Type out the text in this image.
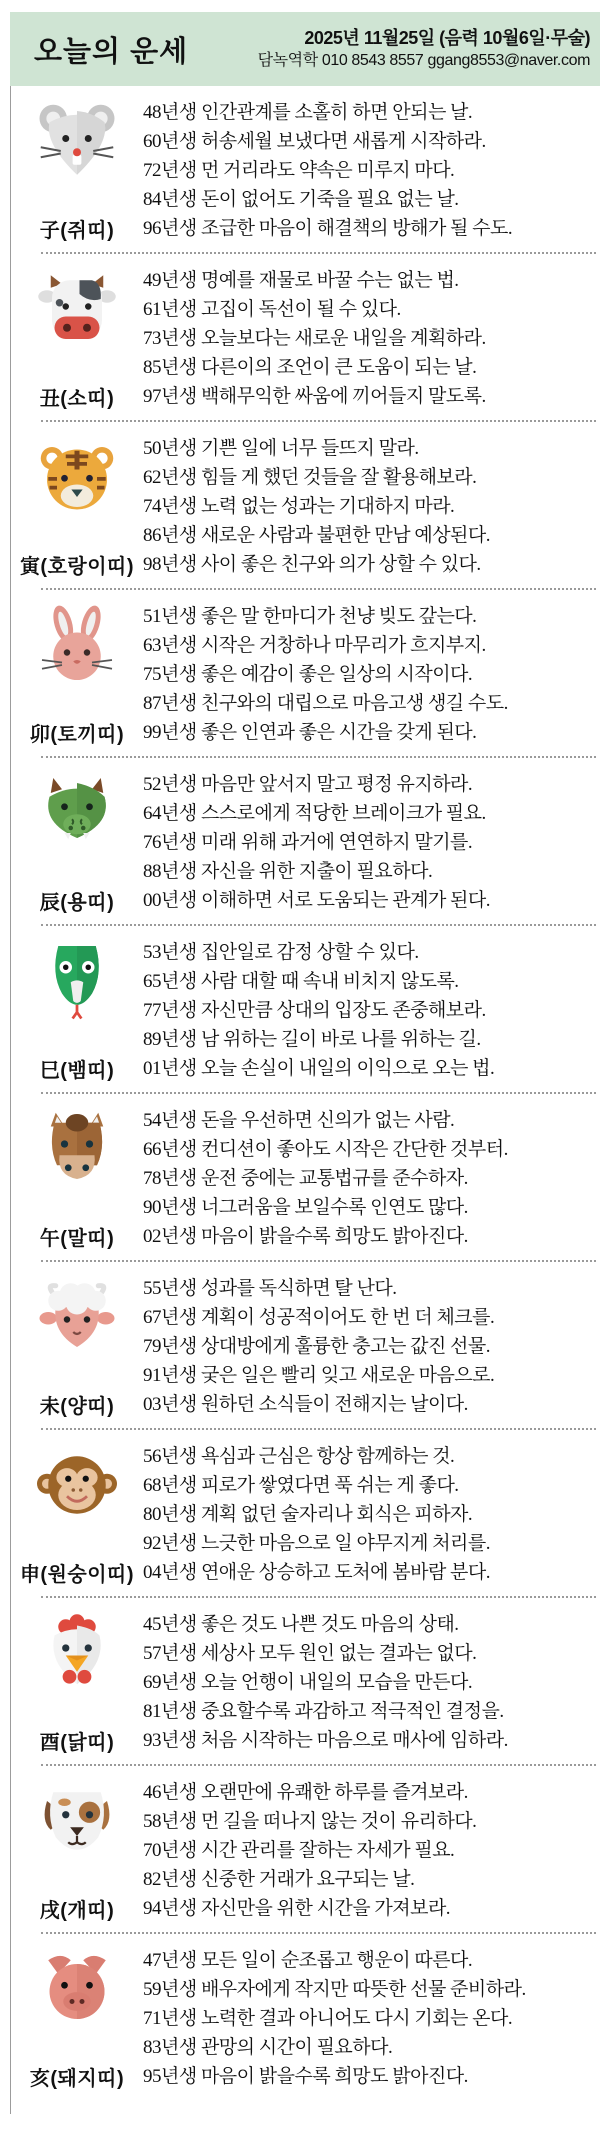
오늘의 운세	2025년 11월25일 (음력 10월6일·무술)
담녹역학 010 8543 8557 ggang8553@naver.com
子(쥐띠)

48년생 인간관계를 소홀히 하면 안되는 날.

60년생 허송세월 보냈다면 새롭게 시작하라.

72년생 먼 거리라도 약속은 미루지 마다.

84년생 돈이 없어도 기죽을 필요 없는 날.

96년생 조급한 마음이 해결책의 방해가 될 수도.

丑(소띠)

49년생 명예를 재물로 바꿀 수는 없는 법.

61년생 고집이 독선이 될 수 있다.

73년생 오늘보다는 새로운 내일을 계획하라.

85년생 다른이의 조언이 큰 도움이 되는 날.

97년생 백해무익한 싸움에 끼어들지 말도록.

寅(호랑이띠)

50년생 기쁜 일에 너무 들뜨지 말라.

62년생 힘들 게 했던 것들을 잘 활용해보라.

74년생 노력 없는 성과는 기대하지 마라.

86년생 새로운 사람과 불편한 만남 예상된다.

98년생 사이 좋은 친구와 의가 상할 수 있다.

卯(토끼띠)

51년생 좋은 말 한마디가 천냥 빚도 갚는다.

63년생 시작은 거창하나 마무리가 흐지부지.

75년생 좋은 예감이 좋은 일상의 시작이다.

87년생 친구와의 대립으로 마음고생 생길 수도.

99년생 좋은 인연과 좋은 시간을 갖게 된다.

辰(용띠)

52년생 마음만 앞서지 말고 평정 유지하라.

64년생 스스로에게 적당한 브레이크가 필요.

76년생 미래 위해 과거에 연연하지 말기를.

88년생 자신을 위한 지출이 필요하다.

00년생 이해하면 서로 도움되는 관계가 된다.

巳(뱀띠)

53년생 집안일로 감정 상할 수 있다.

65년생 사람 대할 때 속내 비치지 않도록.

77년생 자신만큼 상대의 입장도 존중해보라.

89년생 남 위하는 길이 바로 나를 위하는 길.

01년생 오늘 손실이 내일의 이익으로 오는 법.

午(말띠)

54년생 돈을 우선하면 신의가 없는 사람.

66년생 컨디션이 좋아도 시작은 간단한 것부터.

78년생 운전 중에는 교통법규를 준수하자.

90년생 너그러움을 보일수록 인연도 많다.

02년생 마음이 밝을수록 희망도 밝아진다.

未(양띠)

55년생 성과를 독식하면 탈 난다.

67년생 계획이 성공적이어도 한 번 더 체크를.

79년생 상대방에게 훌륭한 충고는 값진 선물.

91년생 궂은 일은 빨리 잊고 새로운 마음으로.

03년생 원하던 소식들이 전해지는 날이다.

申(원숭이띠)

56년생 욕심과 근심은 항상 함께하는 것.

68년생 피로가 쌓였다면 푹 쉬는 게 좋다.

80년생 계획 없던 술자리나 회식은 피하자.

92년생 느긋한 마음으로 일 야무지게 처리를.

04년생 연애운 상승하고 도처에 봄바람 분다.

酉(닭띠)

45년생 좋은 것도 나쁜 것도 마음의 상태.

57년생 세상사 모두 원인 없는 결과는 없다.

69년생 오늘 언행이 내일의 모습을 만든다.

81년생 중요할수록 과감하고 적극적인 결정을.

93년생 처음 시작하는 마음으로 매사에 임하라.

戌(개띠)

46년생 오랜만에 유쾌한 하루를 즐겨보라.

58년생 먼 길을 떠나지 않는 것이 유리하다.

70년생 시간 관리를 잘하는 자세가 필요.

82년생 신중한 거래가 요구되는 날.

94년생 자신만을 위한 시간을 가져보라.

亥(돼지띠)

47년생 모든 일이 순조롭고 행운이 따른다.

59년생 배우자에게 작지만 따뜻한 선물 준비하라.

71년생 노력한 결과 아니어도 다시 기회는 온다.

83년생 관망의 시간이 필요하다.

95년생 마음이 밝을수록 희망도 밝아진다.
